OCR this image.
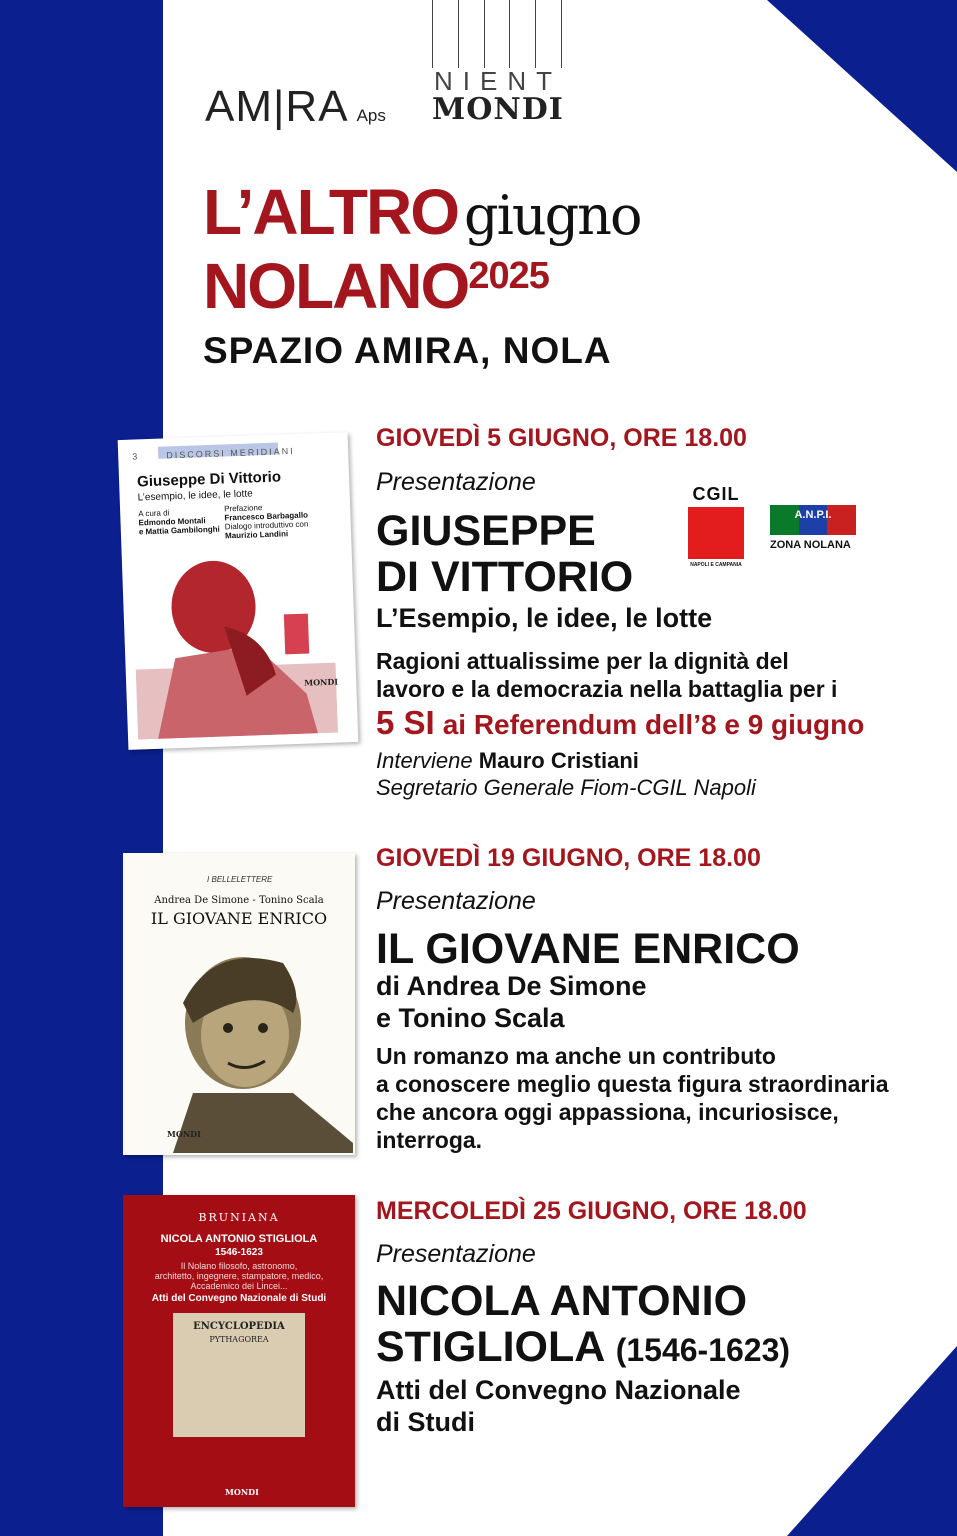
AM|RA Aps
NIENT
MONDI
L’ALTRO giugno
$NOLANO^{2025}$
SPAZIO AMIRA, NOLA
3	DISCORSI MERIDIANI
Giuseppe Di Vittorio
L’esempio, le idee, le lotte
A cura di
Edmondo Montali
e Mattia Gambilonghi
Prefazione
Francesco Barbagallo
Dialogo introduttivo con
Maurizio Landini
MONDI
GIOVEDÌ 5 GIUGNO, ORE 18.00
Presentazione
GIUSEPPE
DI VITTORIO
L’Esempio, le idee, le lotte
Ragioni attualissime per la dignità del
lavoro e la democrazia nella battaglia per i
5 SI ai Referendum dell’8 e 9 giugno
Interviene Mauro Cristiani
Segretario Generale Fiom-CGIL Napoli
CGIL
NAPOLI E CAMPANIA
A.N.P.I.
ZONA NOLANA
I BELLELETTERE
Andrea De Simone - Tonino Scala
IL GIOVANE ENRICO
MONDI
GIOVEDÌ 19 GIUGNO, ORE 18.00
Presentazione
IL GIOVANE ENRICO
di Andrea De Simone
e Tonino Scala
Un romanzo ma anche un contributo
a conoscere meglio questa figura straordinaria
che ancora oggi appassiona, incuriosisce,
interroga.
BRUNIANA
NICOLA ANTONIO STIGLIOLA
1546-1623
Il Nolano filosofo, astronomo,
architetto, ingegnere, stampatore, medico,
Accademico dei Lincei...
Atti del Convegno Nazionale di Studi
ENCYCLOPEDIA
PYTHAGOREA
MONDI
MERCOLEDÌ 25 GIUGNO, ORE 18.00
Presentazione
NICOLA ANTONIO
STIGLIOLA (1546-1623)
Atti del Convegno Nazionale
di Studi
